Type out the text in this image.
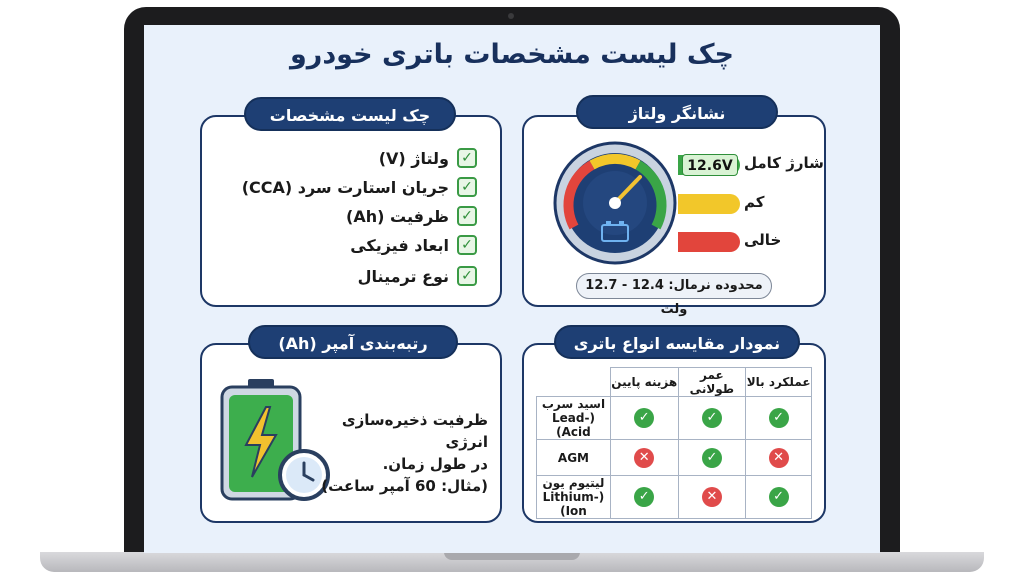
چک لیست مشخصات باتری خودرو
چک لیست مشخصات
✓
ولتاژ (V)
✓
جریان استارت سرد (CCA)
✓
ظرفیت (Ah)
✓
ابعاد فیزیکی
✓
نوع ترمینال
نشانگر ولتاژ
12.6V شارژ کامل
کم
خالی
محدوده نرمال: 12.4 - 12.7 ولت
رتبه‌بندی آمپر (Ah)
ظرفیت ذخیره‌سازی انرژی
در طول زمان.
(مثال: 60 آمپر ساعت)
نمودار مقایسه انواع باتری
عملکرد بالا	عمر طولانی	هزینه پایین	
✓	✓	✓	اسید سرب
(Lead-Acid)

✕	✓	✕	AGM

✓	✕	✓	لیتیوم یون
(Lithium-Ion)
